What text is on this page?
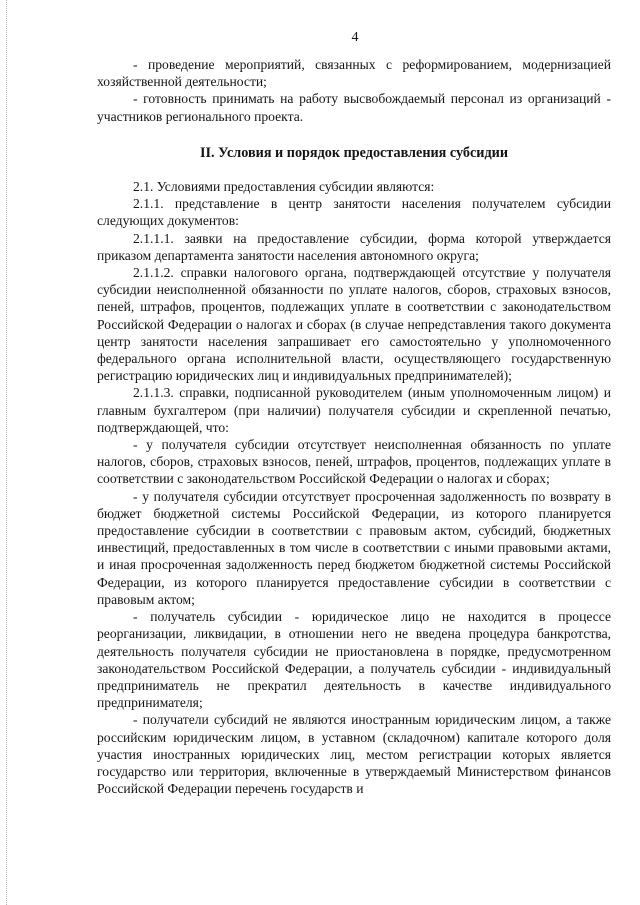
4

- проведение мероприятий, связанных с реформированием, модернизацией хозяйственной деятельности;

- готовность принимать на работу высвобождаемый персонал из организаций - участников регионального проекта.

II. Условия и порядок предоставления субсидии

2.1. Условиями предоставления субсидии являются:

2.1.1. представление в центр занятости населения получателем субсидии следующих документов:

2.1.1.1. заявки на предоставление субсидии, форма которой утверждается приказом департамента занятости населения автономного округа;

2.1.1.2. справки налогового органа, подтверждающей отсутствие у получателя субсидии неисполненной обязанности по уплате налогов, сборов, страховых взносов, пеней, штрафов, процентов, подлежащих уплате в соответствии с законодательством Российской Федерации о налогах и сборах (в случае непредставления такого документа центр занятости населения запрашивает его самостоятельно у уполномоченного федерального органа исполнительной власти, осуществляющего государственную регистрацию юридических лиц и индивидуальных предпринимателей);

2.1.1.3. справки, подписанной руководителем (иным уполномоченным лицом) и главным бухгалтером (при наличии) получателя субсидии и скрепленной печатью, подтверждающей, что:

- у получателя субсидии отсутствует неисполненная обязанность по уплате налогов, сборов, страховых взносов, пеней, штрафов, процентов, подлежащих уплате в соответствии с законодательством Российской Федерации о налогах и сборах;

- у получателя субсидии отсутствует просроченная задолженность по возврату в бюджет бюджетной системы Российской Федерации, из которого планируется предоставление субсидии в соответствии с правовым актом, субсидий, бюджетных инвестиций, предоставленных в том числе в соответствии с иными правовыми актами, и иная просроченная задолженность перед бюджетом бюджетной системы Российской Федерации, из которого планируется предоставление субсидии в соответствии с правовым актом;

- получатель субсидии - юридическое лицо не находится в процессе реорганизации, ликвидации, в отношении него не введена процедура банкротства, деятельность получателя субсидии не приостановлена в порядке, предусмотренном законодательством Российской Федерации, а получатель субсидии - индивидуальный предприниматель не прекратил деятельность в качестве индивидуального предпринимателя;

- получатели субсидий не являются иностранным юридическим лицом, а также российским юридическим лицом, в уставном (складочном) капитале которого доля участия иностранных юридических лиц, местом регистрации которых является государство или территория, включенные в утверждаемый Министерством финансов Российской Федерации перечень государств и
